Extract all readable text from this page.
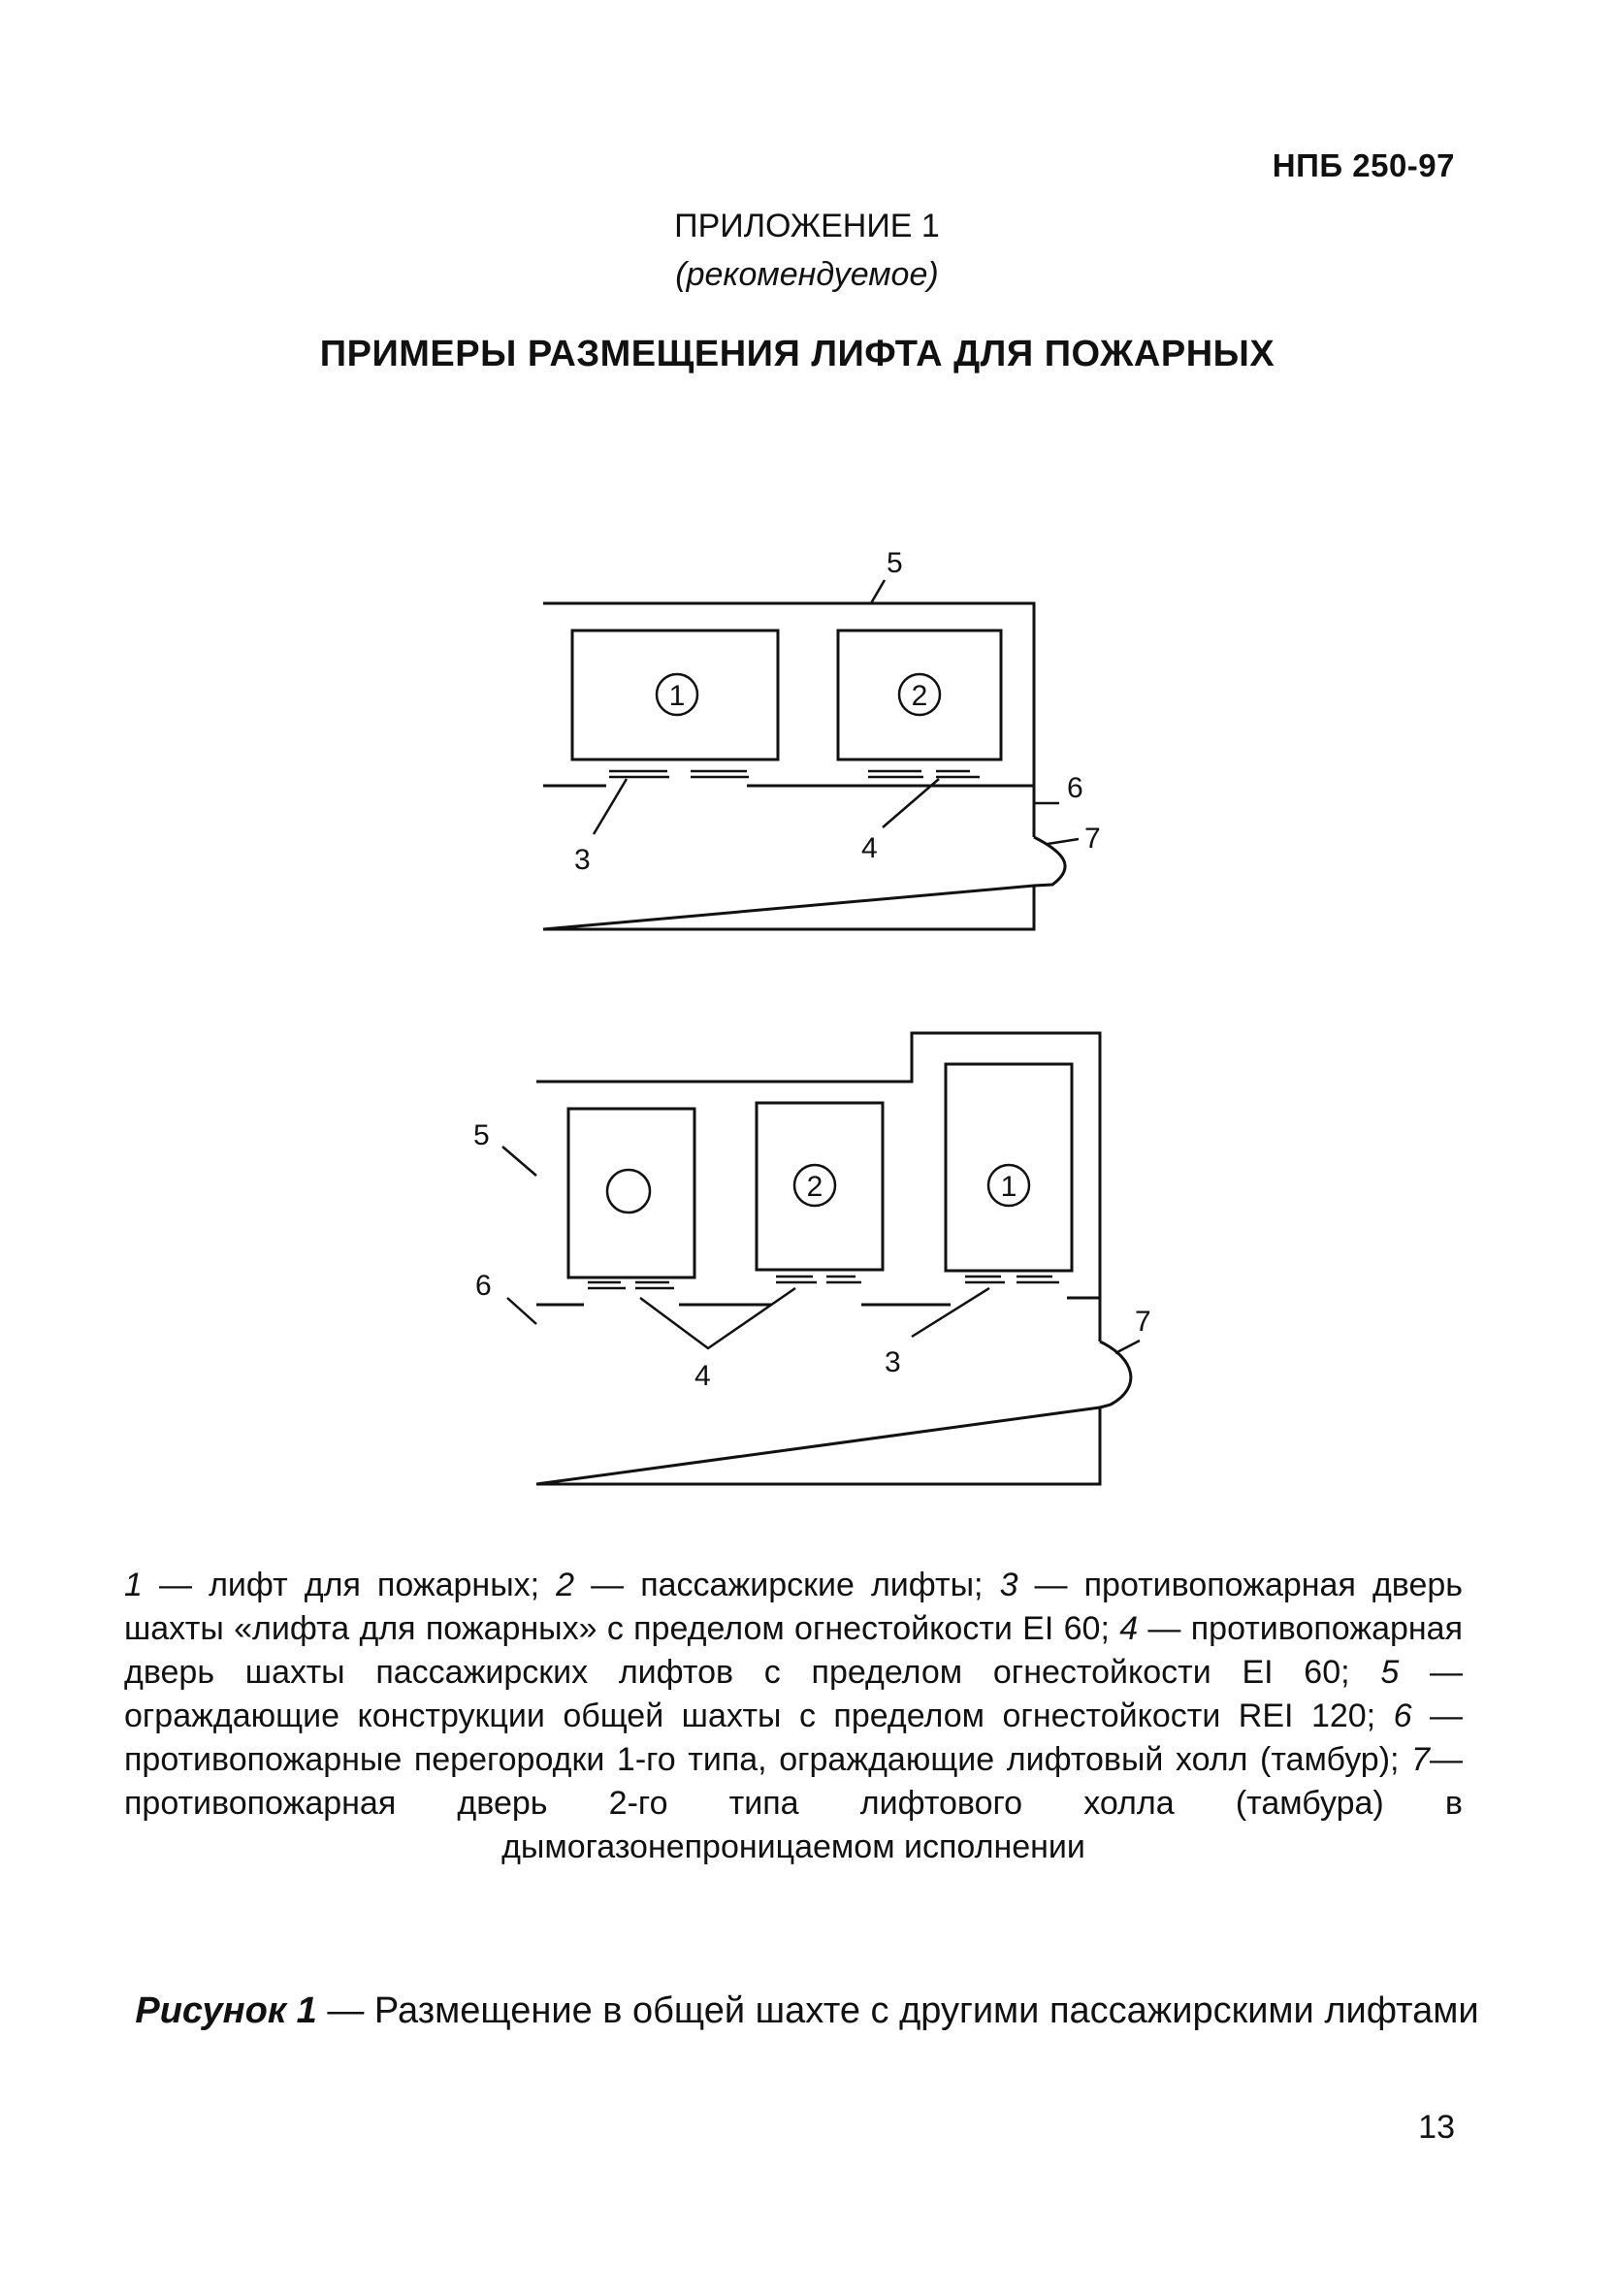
НПБ 250-97
ПРИЛОЖЕНИЕ 1
(рекомендуемое)
ПРИМЕРЫ РАЗМЕЩЕНИЯ ЛИФТА ДЛЯ ПОЖАРНЫХ
1	2
5
6
7
3	4
2	1
5
6
7
4	3
1 — лифт для пожарных; 2 — пассажирские лифты; 3 — противопожарная дверь шахты «лифта для пожарных» с пределом огнестойкости EI 60; 4 — противопожарная дверь шахты пассажирских лифтов с пределом огнестойкости EI 60; 5 — ограждающие конструкции общей шахты с пределом огнестойкости REI 120; 6 — противопожарные перегородки 1-го типа, ограждающие лифтовый холл (тамбур); 7— противопожарная дверь 2-го типа лифтового холла (тамбура) в дымогазонепроницаемом исполнении
Рисунок 1 — Размещение в общей шахте с другими пассажирскими лифтами
13
